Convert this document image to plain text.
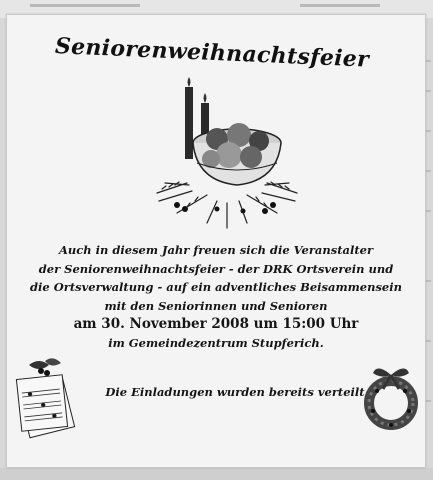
Seniorenweihnachtsfeier
Auch in diesem Jahr freuen sich die Veranstalter
der Seniorenweihnachtsfeier - der DRK Ortsverein und
die Ortsverwaltung - auf ein adventliches Beisammensein
mit den Seniorinnen und Senioren
am 30. November 2008 um 15:00 Uhr
im Gemeindezentrum Stupferich.
Die Einladungen wurden bereits verteilt.
